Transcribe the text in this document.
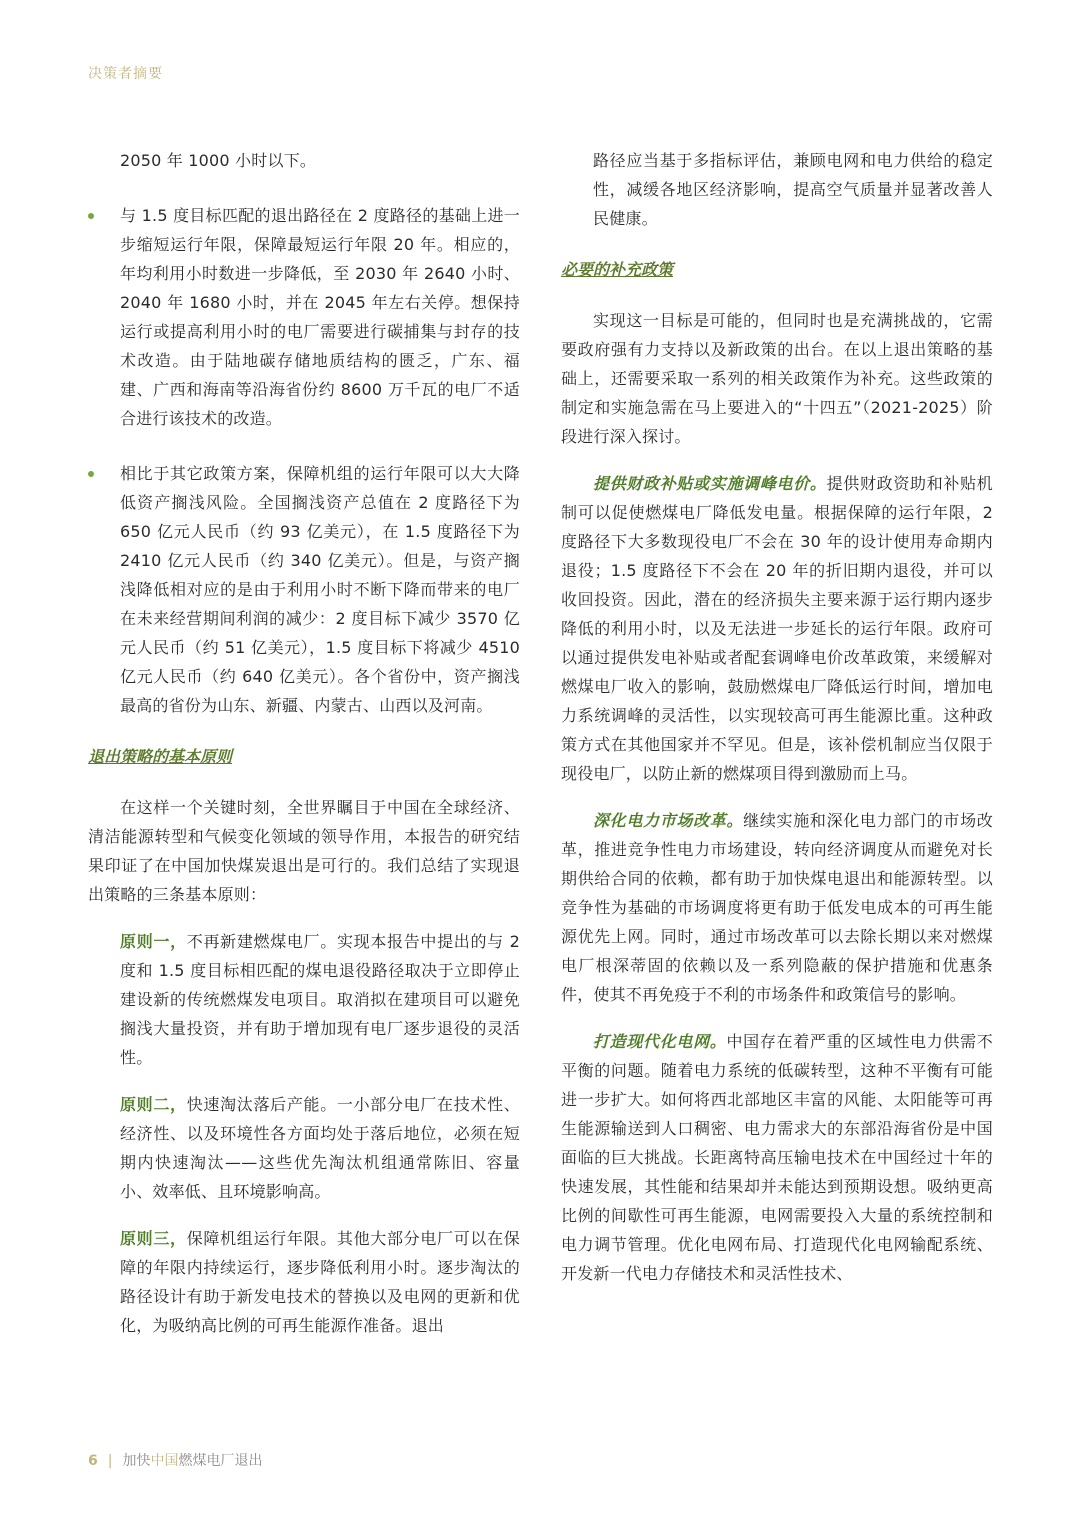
决策者摘要

2050 年 1000 小时以下。

与 1.5 度目标匹配的退出路径在 2 度路径的基础上进一步缩短运行年限，保障最短运行年限 20 年。相应的，年均利用小时数进一步降低，至 2030 年 2640 小时、2040 年 1680 小时，并在 2045 年左右关停。想保持运行或提高利用小时的电厂需要进行碳捕集与封存的技术改造。由于陆地碳存储地质结构的匮乏，广东、福建、广西和海南等沿海省份约 8600 万千瓦的电厂不适合进行该技术的改造。

相比于其它政策方案，保障机组的运行年限可以大大降低资产搁浅风险。全国搁浅资产总值在 2 度路径下为 650 亿元人民币（约 93 亿美元），在 1.5 度路径下为 2410 亿元人民币（约 340 亿美元）。但是，与资产搁浅降低相对应的是由于利用小时不断下降而带来的电厂在未来经营期间利润的减少：2 度目标下减少 3570 亿元人民币（约 51 亿美元），1.5 度目标下将减少 4510 亿元人民币（约 640 亿美元）。各个省份中，资产搁浅最高的省份为山东、新疆、内蒙古、山西以及河南。

退出策略的基本原则

在这样一个关键时刻，全世界瞩目于中国在全球经济、清洁能源转型和气候变化领域的领导作用，本报告的研究结果印证了在中国加快煤炭退出是可行的。我们总结了实现退出策略的三条基本原则：

原则一，不再新建燃煤电厂。实现本报告中提出的与 2 度和 1.5 度目标相匹配的煤电退役路径取决于立即停止建设新的传统燃煤发电项目。取消拟在建项目可以避免搁浅大量投资，并有助于增加现有电厂逐步退役的灵活性。

原则二，快速淘汰落后产能。一小部分电厂在技术性、经济性、以及环境性各方面均处于落后地位，必须在短期内快速淘汰——这些优先淘汰机组通常陈旧、容量小、效率低、且环境影响高。

原则三，保障机组运行年限。其他大部分电厂可以在保障的年限内持续运行，逐步降低利用小时。逐步淘汰的路径设计有助于新发电技术的替换以及电网的更新和优化，为吸纳高比例的可再生能源作准备。退出

路径应当基于多指标评估，兼顾电网和电力供给的稳定性，减缓各地区经济影响，提高空气质量并显著改善人民健康。

必要的补充政策

实现这一目标是可能的，但同时也是充满挑战的，它需要政府强有力支持以及新政策的出台。在以上退出策略的基础上，还需要采取一系列的相关政策作为补充。这些政策的制定和实施急需在马上要进入的“十四五”（2021-2025）阶段进行深入探讨。

提供财政补贴或实施调峰电价。提供财政资助和补贴机制可以促使燃煤电厂降低发电量。根据保障的运行年限，2 度路径下大多数现役电厂不会在 30 年的设计使用寿命期内退役；1.5 度路径下不会在 20 年的折旧期内退役，并可以收回投资。因此，潜在的经济损失主要来源于运行期内逐步降低的利用小时，以及无法进一步延长的运行年限。政府可以通过提供发电补贴或者配套调峰电价改革政策，来缓解对燃煤电厂收入的影响，鼓励燃煤电厂降低运行时间，增加电力系统调峰的灵活性，以实现较高可再生能源比重。这种政策方式在其他国家并不罕见。但是，该补偿机制应当仅限于现役电厂，以防止新的燃煤项目得到激励而上马。

深化电力市场改革。继续实施和深化电力部门的市场改革，推进竞争性电力市场建设，转向经济调度从而避免对长期供给合同的依赖，都有助于加快煤电退出和能源转型。以竞争性为基础的市场调度将更有助于低发电成本的可再生能源优先上网。同时，通过市场改革可以去除长期以来对燃煤电厂根深蒂固的依赖以及一系列隐蔽的保护措施和优惠条件，使其不再免疫于不利的市场条件和政策信号的影响。

打造现代化电网。中国存在着严重的区域性电力供需不平衡的问题。随着电力系统的低碳转型，这种不平衡有可能进一步扩大。如何将西北部地区丰富的风能、太阳能等可再生能源输送到人口稠密、电力需求大的东部沿海省份是中国面临的巨大挑战。长距离特高压输电技术在中国经过十年的快速发展，其性能和结果却并未能达到预期设想。吸纳更高比例的间歇性可再生能源，电网需要投入大量的系统控制和电力调节管理。优化电网布局、打造现代化电网输配系统、开发新一代电力存储技术和灵活性技术、

6 | 加快中国燃煤电厂退出
